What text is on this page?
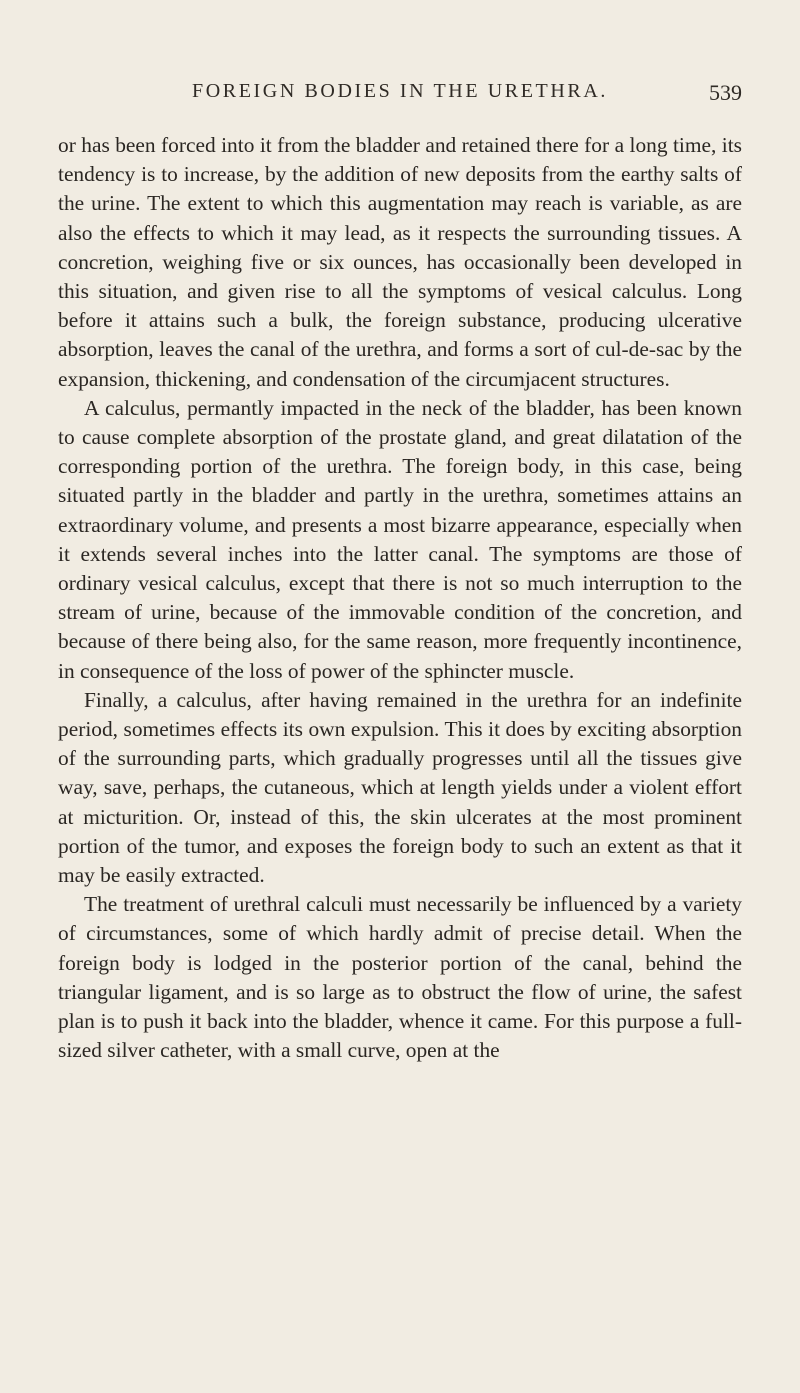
FOREIGN BODIES IN THE URETHRA.	539

or has been forced into it from the bladder and retained there for a long time, its tendency is to increase, by the addition of new deposits from the earthy salts of the urine. The extent to which this augmentation may reach is variable, as are also the effects to which it may lead, as it respects the surrounding tissues. A concretion, weighing five or six ounces, has occasionally been developed in this situation, and given rise to all the symptoms of vesical calculus. Long before it attains such a bulk, the foreign substance, producing ulcerative absorption, leaves the canal of the urethra, and forms a sort of cul-de-sac by the expansion, thickening, and condensation of the circumjacent structures.

A calculus, permantly impacted in the neck of the bladder, has been known to cause complete absorption of the prostate gland, and great dilatation of the corresponding portion of the urethra. The foreign body, in this case, being situated partly in the bladder and partly in the urethra, sometimes attains an extraordinary volume, and presents a most bizarre appearance, especially when it extends several inches into the latter canal. The symptoms are those of ordinary vesical calculus, except that there is not so much interruption to the stream of urine, because of the immovable condition of the concretion, and because of there being also, for the same reason, more frequently incontinence, in consequence of the loss of power of the sphincter muscle.

Finally, a calculus, after having remained in the urethra for an indefinite period, sometimes effects its own expulsion. This it does by exciting absorption of the surrounding parts, which gradually progresses until all the tissues give way, save, perhaps, the cutaneous, which at length yields under a violent effort at micturition. Or, instead of this, the skin ulcerates at the most prominent portion of the tumor, and exposes the foreign body to such an extent as that it may be easily extracted.

The treatment of urethral calculi must necessarily be influenced by a variety of circumstances, some of which hardly admit of precise detail. When the foreign body is lodged in the posterior portion of the canal, behind the triangular ligament, and is so large as to obstruct the flow of urine, the safest plan is to push it back into the bladder, whence it came. For this purpose a full-sized silver catheter, with a small curve, open at the
